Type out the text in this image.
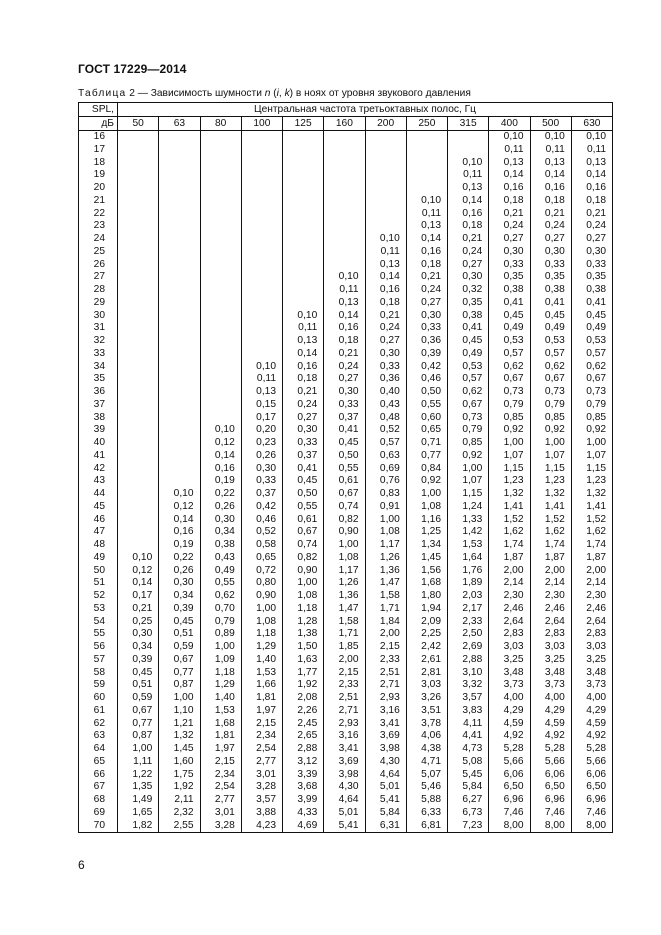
ГОСТ 17229—2014
Таблица 2 — Зависимость шумности n (i, k) в ноях от уровня звукового давления
SPL,	Центральная частота третьоктавных полос, Гц											
дБ	50	63	80	100	125	160	200	250	315	400	500	630
16										0,10	0,10	0,10
17										0,11	0,11	0,11
18									0,10	0,13	0,13	0,13
19									0,11	0,14	0,14	0,14
20									0,13	0,16	0,16	0,16
21								0,10	0,14	0,18	0,18	0,18
22								0,11	0,16	0,21	0,21	0,21
23								0,13	0,18	0,24	0,24	0,24
24							0,10	0,14	0,21	0,27	0,27	0,27
25							0,11	0,16	0,24	0,30	0,30	0,30
26							0,13	0,18	0,27	0,33	0,33	0,33
27						0,10	0,14	0,21	0,30	0,35	0,35	0,35
28						0,11	0,16	0,24	0,32	0,38	0,38	0,38
29						0,13	0,18	0,27	0,35	0,41	0,41	0,41
30					0,10	0,14	0,21	0,30	0,38	0,45	0,45	0,45
31					0,11	0,16	0,24	0,33	0,41	0,49	0,49	0,49
32					0,13	0,18	0,27	0,36	0,45	0,53	0,53	0,53
33					0,14	0,21	0,30	0,39	0,49	0,57	0,57	0,57
34				0,10	0,16	0,24	0,33	0,42	0,53	0,62	0,62	0,62
35				0,11	0,18	0,27	0,36	0,46	0,57	0,67	0,67	0,67
36				0,13	0,21	0,30	0,40	0,50	0,62	0,73	0,73	0,73
37				0,15	0,24	0,33	0,43	0,55	0,67	0,79	0,79	0,79
38				0,17	0,27	0,37	0,48	0,60	0,73	0,85	0,85	0,85
39			0,10	0,20	0,30	0,41	0,52	0,65	0,79	0,92	0,92	0,92
40			0,12	0,23	0,33	0,45	0,57	0,71	0,85	1,00	1,00	1,00
41			0,14	0,26	0,37	0,50	0,63	0,77	0,92	1,07	1,07	1,07
42			0,16	0,30	0,41	0,55	0,69	0,84	1,00	1,15	1,15	1,15
43			0,19	0,33	0,45	0,61	0,76	0,92	1,07	1,23	1,23	1,23
44		0,10	0,22	0,37	0,50	0,67	0,83	1,00	1,15	1,32	1,32	1,32
45		0,12	0,26	0,42	0,55	0,74	0,91	1,08	1,24	1,41	1,41	1,41
46		0,14	0,30	0,46	0,61	0,82	1,00	1,16	1,33	1,52	1,52	1,52
47		0,16	0,34	0,52	0,67	0,90	1,08	1,25	1,42	1,62	1,62	1,62
48		0,19	0,38	0,58	0,74	1,00	1,17	1,34	1,53	1,74	1,74	1,74
49	0,10	0,22	0,43	0,65	0,82	1,08	1,26	1,45	1,64	1,87	1,87	1,87
50	0,12	0,26	0,49	0,72	0,90	1,17	1,36	1,56	1,76	2,00	2,00	2,00
51	0,14	0,30	0,55	0,80	1,00	1,26	1,47	1,68	1,89	2,14	2,14	2,14
52	0,17	0,34	0,62	0,90	1,08	1,36	1,58	1,80	2,03	2,30	2,30	2,30
53	0,21	0,39	0,70	1,00	1,18	1,47	1,71	1,94	2,17	2,46	2,46	2,46
54	0,25	0,45	0,79	1,08	1,28	1,58	1,84	2,09	2,33	2,64	2,64	2,64
55	0,30	0,51	0,89	1,18	1,38	1,71	2,00	2,25	2,50	2,83	2,83	2,83
56	0,34	0,59	1,00	1,29	1,50	1,85	2,15	2,42	2,69	3,03	3,03	3,03
57	0,39	0,67	1,09	1,40	1,63	2,00	2,33	2,61	2,88	3,25	3,25	3,25
58	0,45	0,77	1,18	1,53	1,77	2,15	2,51	2,81	3,10	3,48	3,48	3,48
59	0,51	0,87	1,29	1,66	1,92	2,33	2,71	3,03	3,32	3,73	3,73	3,73
60	0,59	1,00	1,40	1,81	2,08	2,51	2,93	3,26	3,57	4,00	4,00	4,00
61	0,67	1,10	1,53	1,97	2,26	2,71	3,16	3,51	3,83	4,29	4,29	4,29
62	0,77	1,21	1,68	2,15	2,45	2,93	3,41	3,78	4,11	4,59	4,59	4,59
63	0,87	1,32	1,81	2,34	2,65	3,16	3,69	4,06	4,41	4,92	4,92	4,92
64	1,00	1,45	1,97	2,54	2,88	3,41	3,98	4,38	4,73	5,28	5,28	5,28
65	1,11	1,60	2,15	2,77	3,12	3,69	4,30	4,71	5,08	5,66	5,66	5,66
66	1,22	1,75	2,34	3,01	3,39	3,98	4,64	5,07	5,45	6,06	6,06	6,06
67	1,35	1,92	2,54	3,28	3,68	4,30	5,01	5,46	5,84	6,50	6,50	6,50
68	1,49	2,11	2,77	3,57	3,99	4,64	5,41	5,88	6,27	6,96	6,96	6,96
69	1,65	2,32	3,01	3,88	4,33	5,01	5,84	6,33	6,73	7,46	7,46	7,46
70	1,82	2,55	3,28	4,23	4,69	5,41	6,31	6,81	7,23	8,00	8,00	8,00
6
